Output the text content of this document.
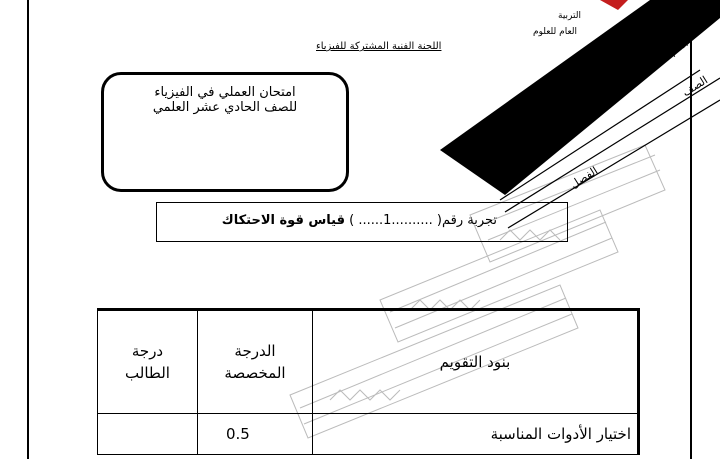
التربية
العام للعلوم
اللجنة الفنية المشتركة للفيزياء
امتحان العملي في الفيزياء
للصف الحادي عشر العلمي
اسم الطالب
الصف
الفصل
تجربة رقم( ..........1...... ) قياس قوة الاحتكاك
درجة الطالب	الدرجة المخصصة	بنود التقويم
	0.5	اختيار الأدوات المناسبة
